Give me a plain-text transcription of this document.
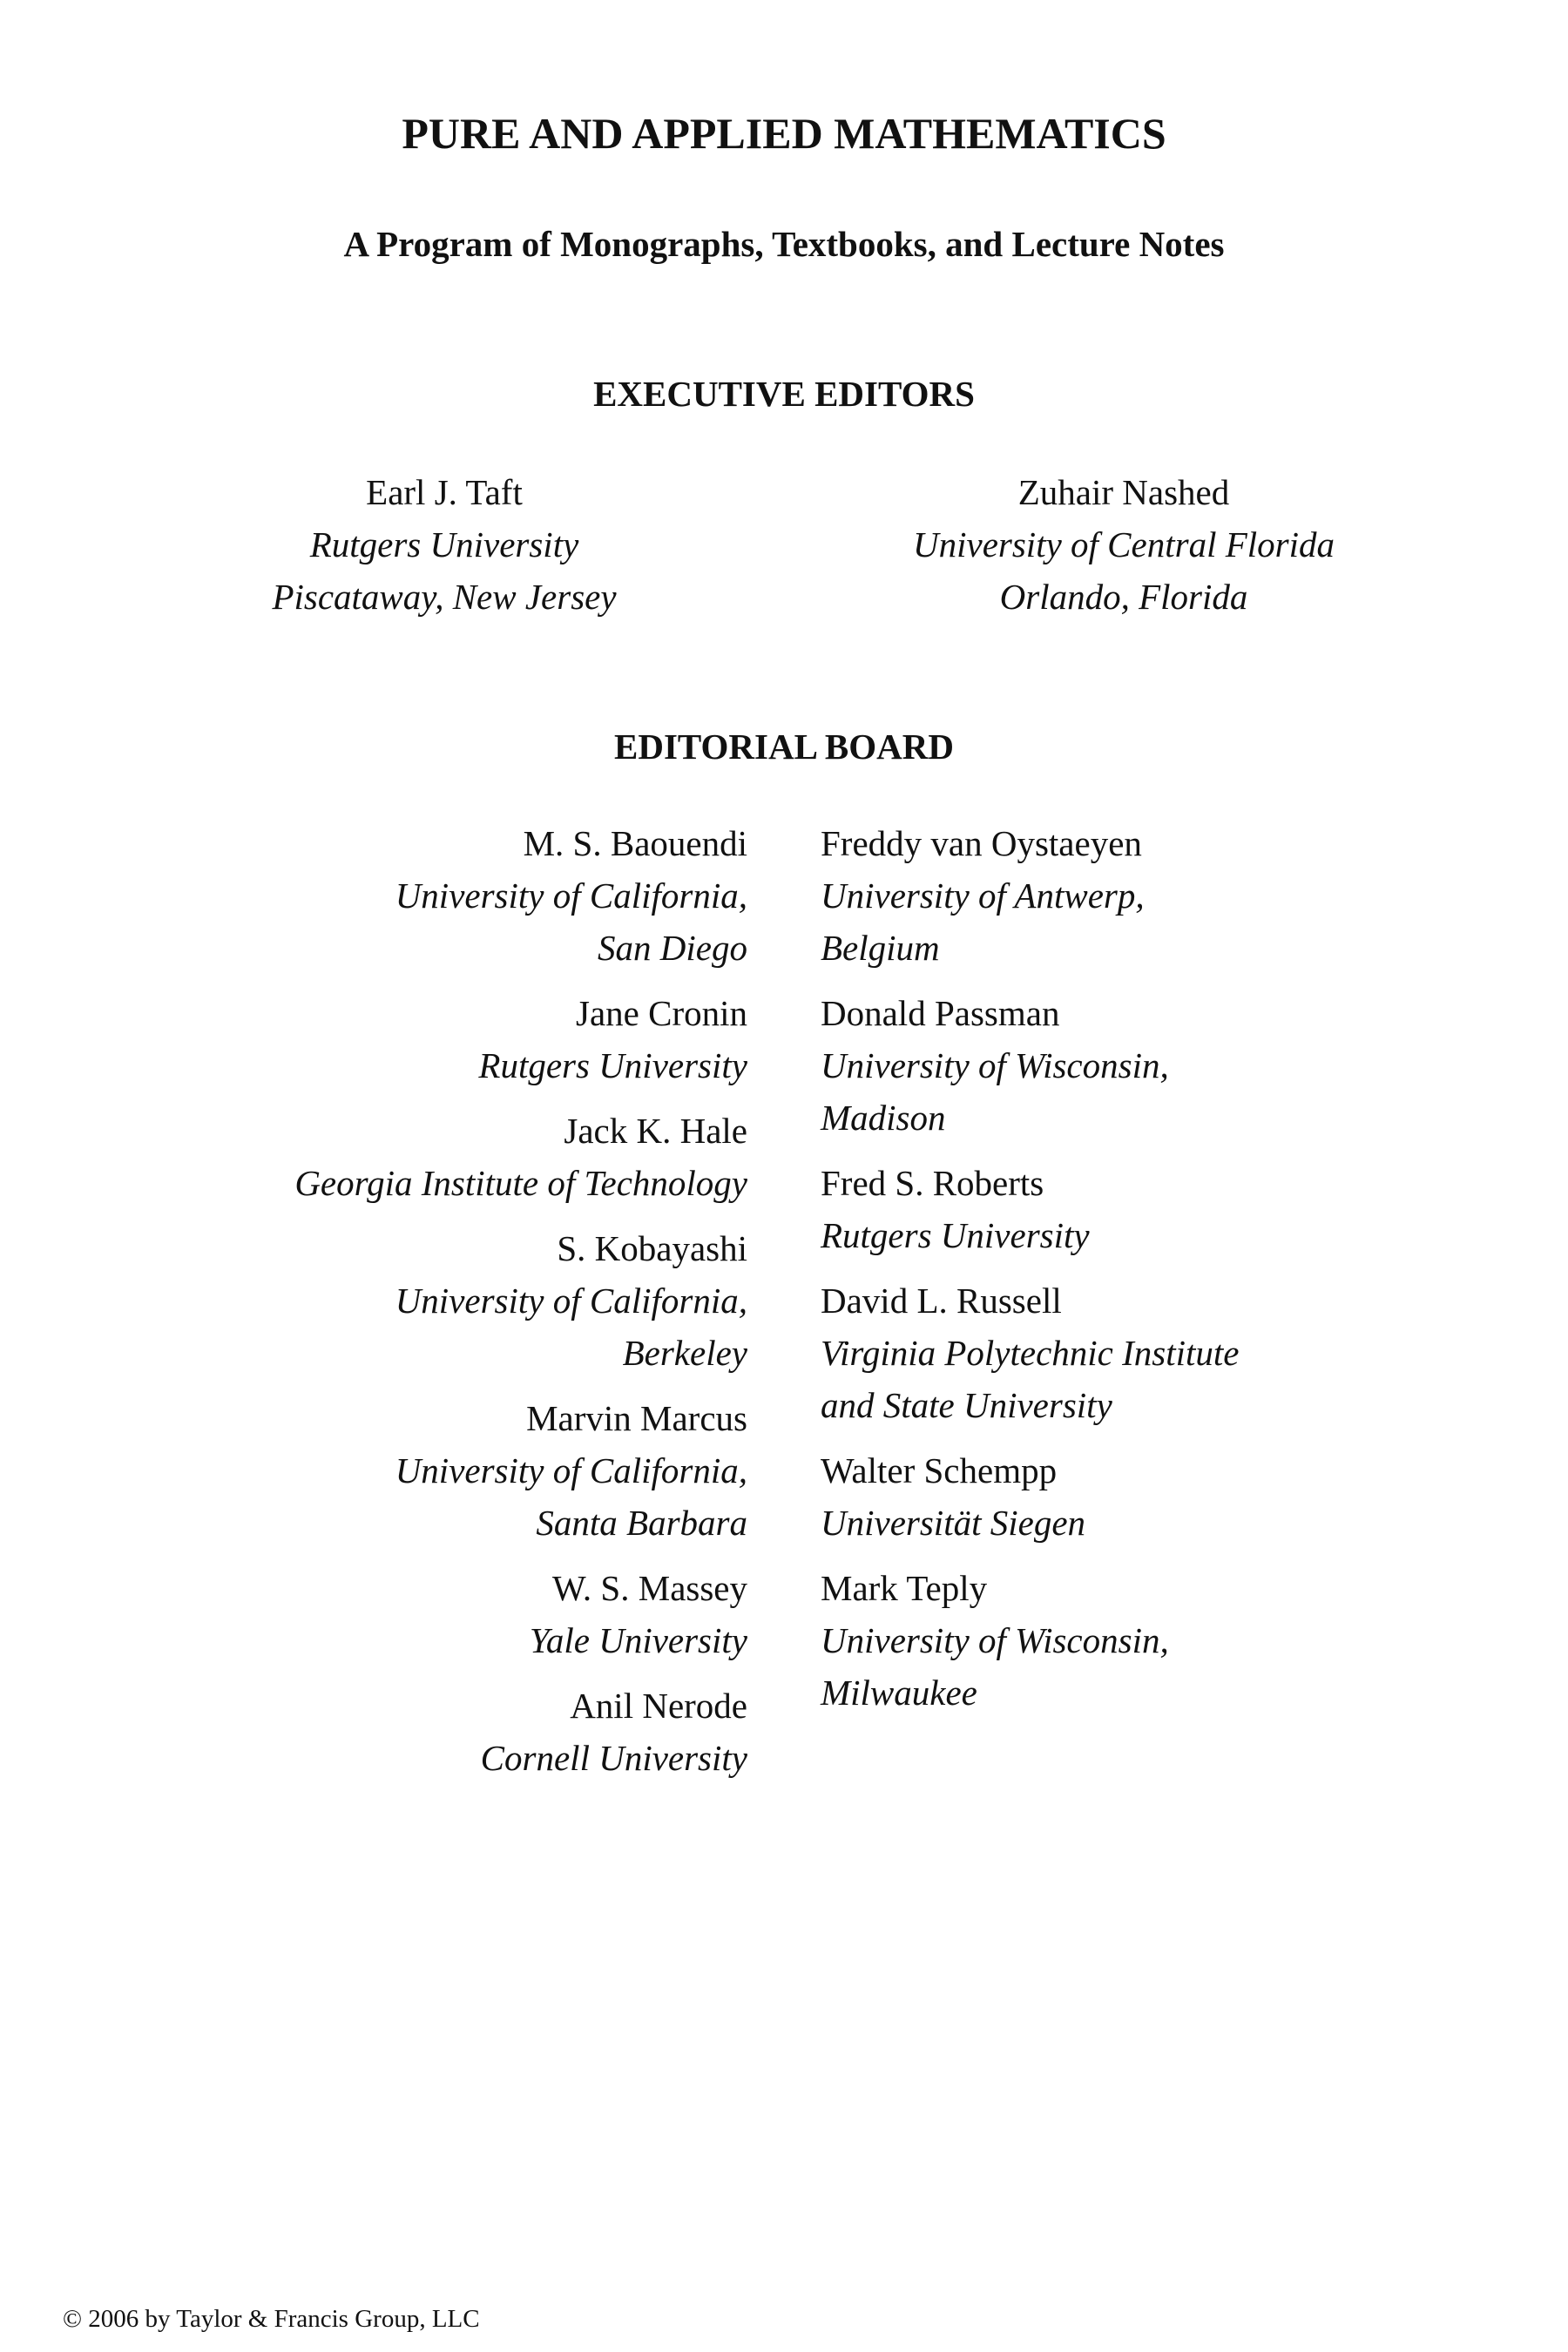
PURE AND APPLIED MATHEMATICS
A Program of Monographs, Textbooks, and Lecture Notes
EXECUTIVE EDITORS
Earl J. Taft
Rutgers University
Piscataway, New Jersey
Zuhair Nashed
University of Central Florida
Orlando, Florida
EDITORIAL BOARD
M. S. Baouendi
University of California,
San Diego
Jane Cronin
Rutgers University
Jack K. Hale
Georgia Institute of Technology
S. Kobayashi
University of California,
Berkeley
Marvin Marcus
University of California,
Santa Barbara
W. S. Massey
Yale University
Anil Nerode
Cornell University
Freddy van Oystaeyen
University of Antwerp,
Belgium
Donald Passman
University of Wisconsin,
Madison
Fred S. Roberts
Rutgers University
David L. Russell
Virginia Polytechnic Institute
and State University
Walter Schempp
Universität Siegen
Mark Teply
University of Wisconsin,
Milwaukee

© 2006 by Taylor & Francis Group, LLC
